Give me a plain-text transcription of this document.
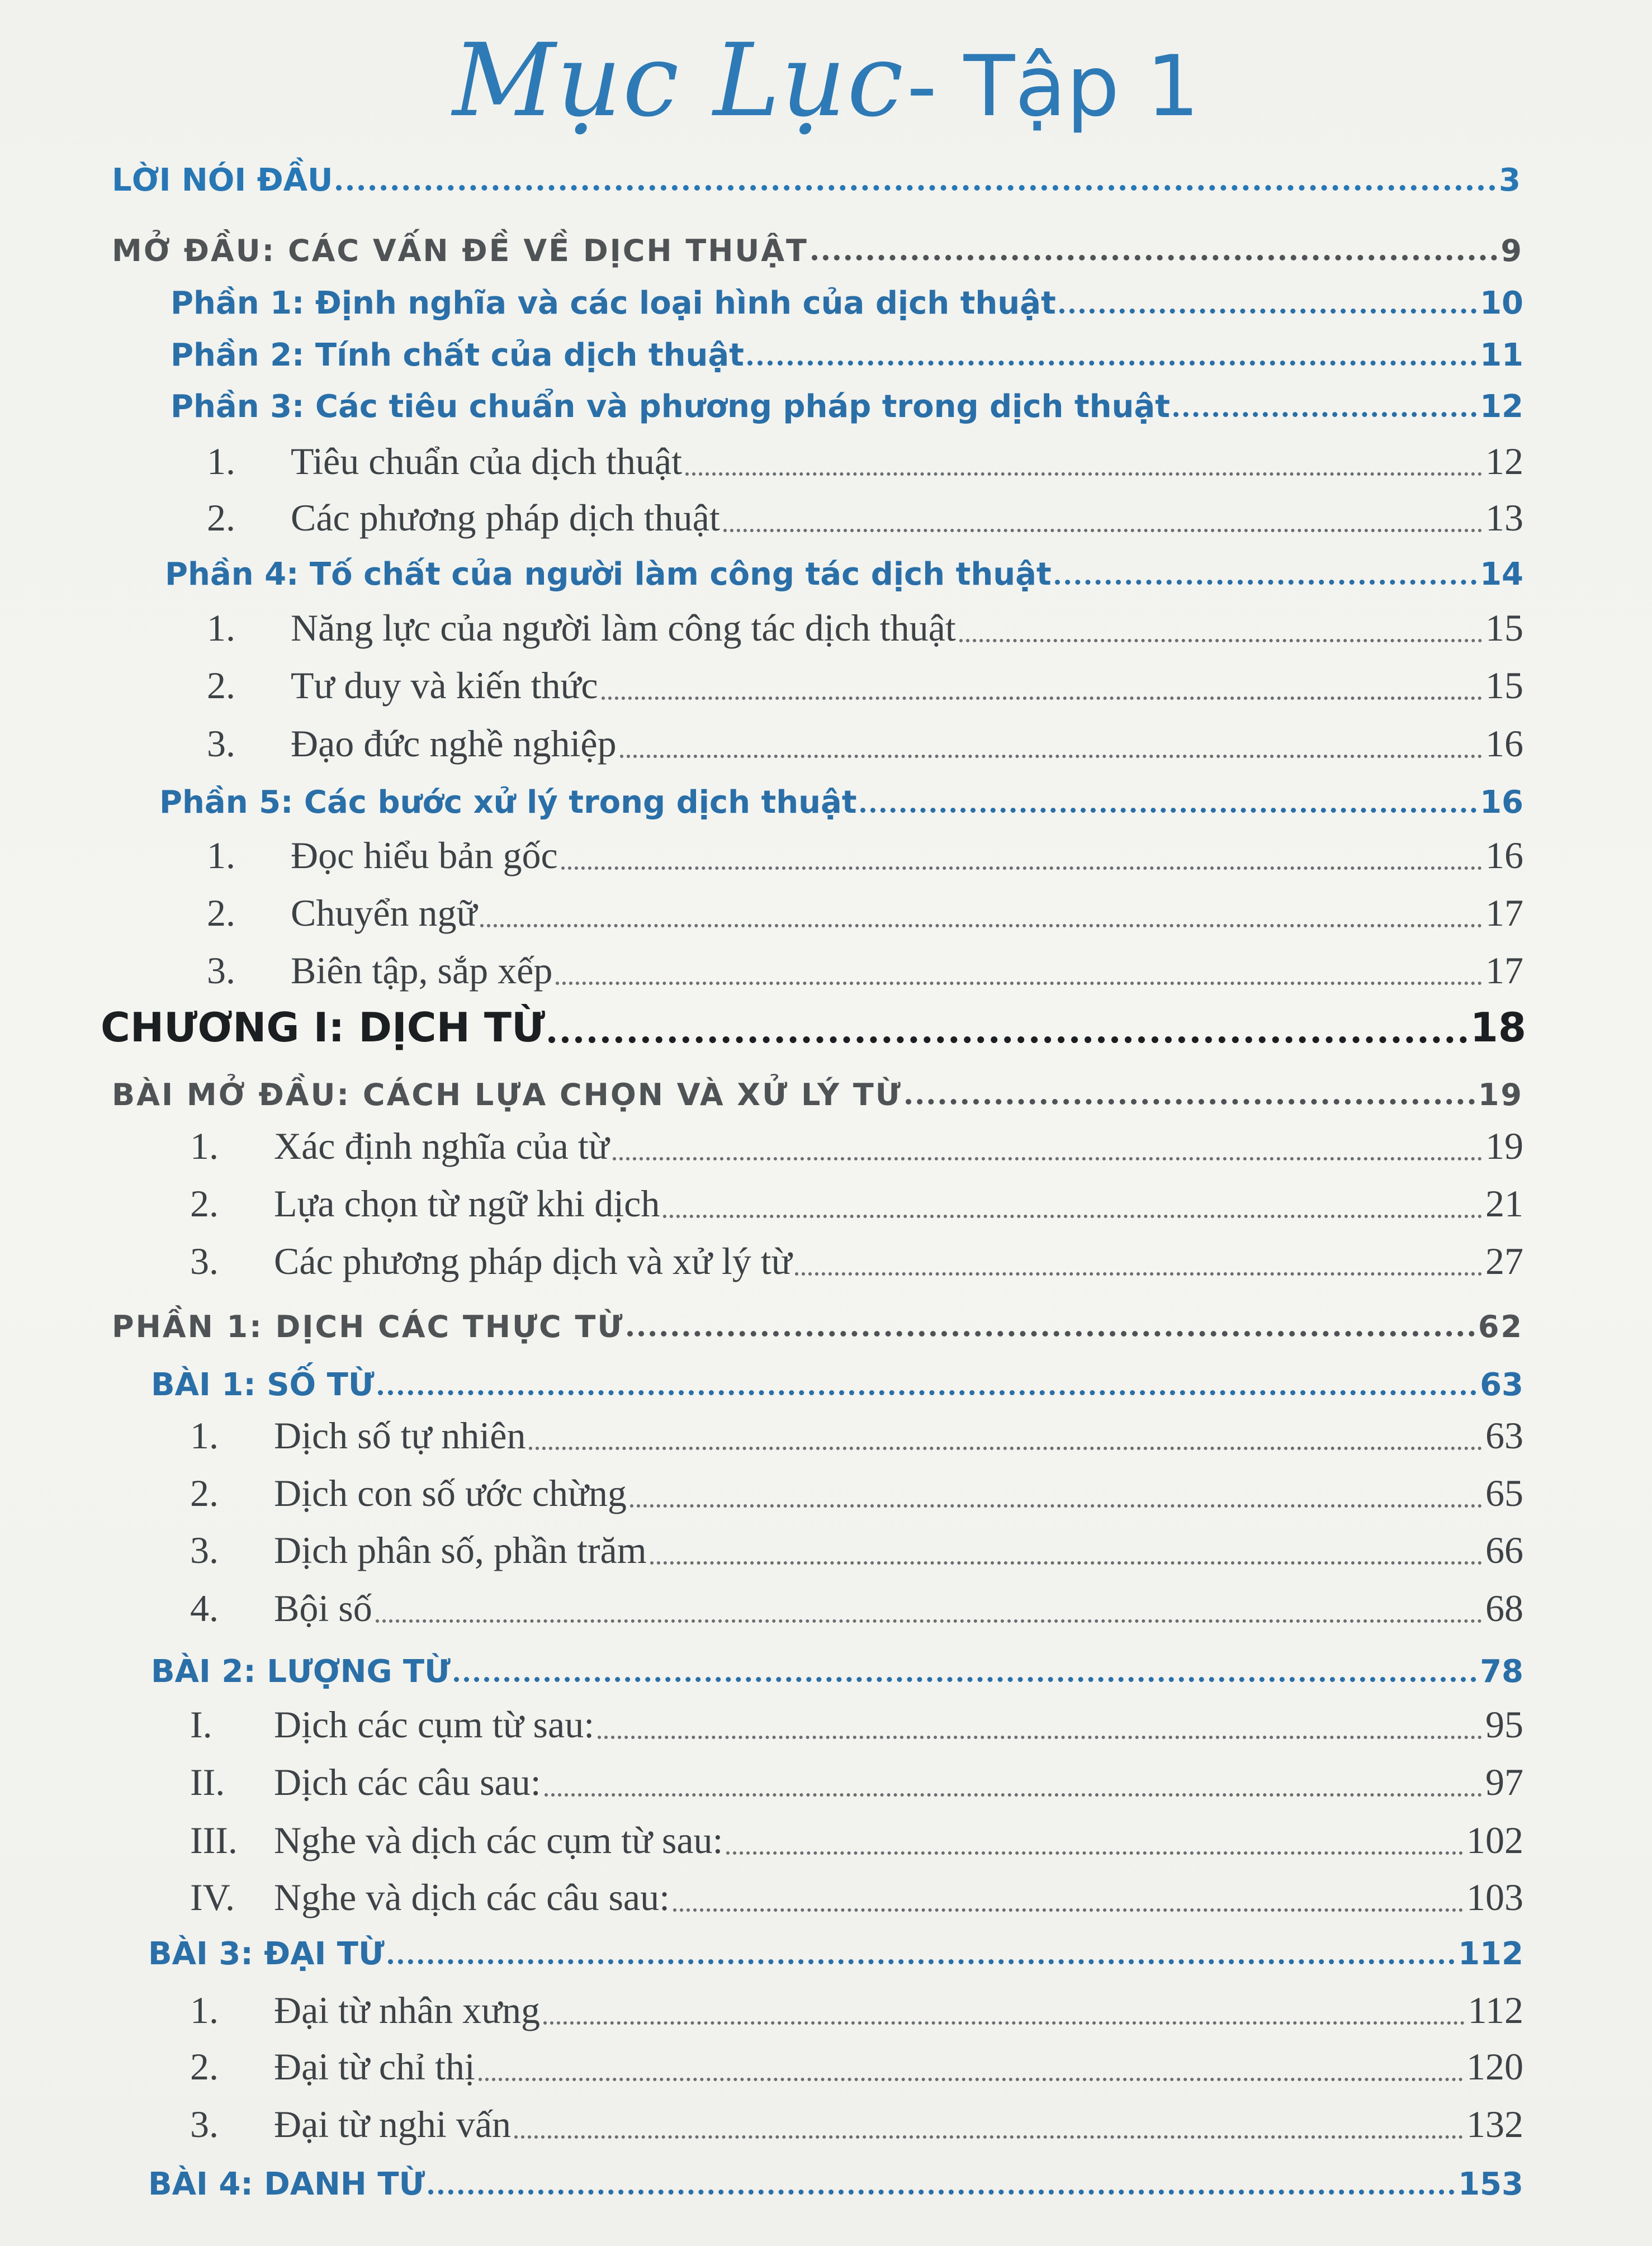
Mục Lục - Tập 1
LỜI NÓI ĐẦU	3
MỞ ĐẦU: CÁC VẤN ĐỀ VỀ DỊCH THUẬT	9
Phần 1: Định nghĩa và các loại hình của dịch thuật	10
Phần 2: Tính chất của dịch thuật	11
Phần 3: Các tiêu chuẩn và phương pháp trong dịch thuật	12
1.	Tiêu chuẩn của dịch thuật	12
2.	Các phương pháp dịch thuật	13
Phần 4: Tố chất của người làm công tác dịch thuật	14
1.	Năng lực của người làm công tác dịch thuật	15
2.	Tư duy và kiến thức	15
3.	Đạo đức nghề nghiệp	16
Phần 5: Các bước xử lý trong dịch thuật	16
1.	Đọc hiểu bản gốc	16
2.	Chuyển ngữ	17
3.	Biên tập, sắp xếp	17
CHƯƠNG I: DỊCH TỪ	18
BÀI MỞ ĐẦU: CÁCH LỰA CHỌN VÀ XỬ LÝ TỪ	19
1.	Xác định nghĩa của từ	19
2.	Lựa chọn từ ngữ khi dịch	21
3.	Các phương pháp dịch và xử lý từ	27
PHẦN 1: DỊCH CÁC THỰC TỪ	62
BÀI 1: SỐ TỪ	63
1.	Dịch số tự nhiên	63
2.	Dịch con số ước chừng	65
3.	Dịch phân số, phần trăm	66
4.	Bội số	68
BÀI 2: LƯỢNG TỪ	78
I.	Dịch các cụm từ sau:	95
II.	Dịch các câu sau:	97
III. Nghe và dịch các cụm từ sau:	102
IV.	Nghe và dịch các câu sau:	103
BÀI 3: ĐẠI TỪ	112
1.	Đại từ nhân xưng	112
2.	Đại từ chỉ thị	120
3.	Đại từ nghi vấn	132
BÀI 4: DANH TỪ	153
